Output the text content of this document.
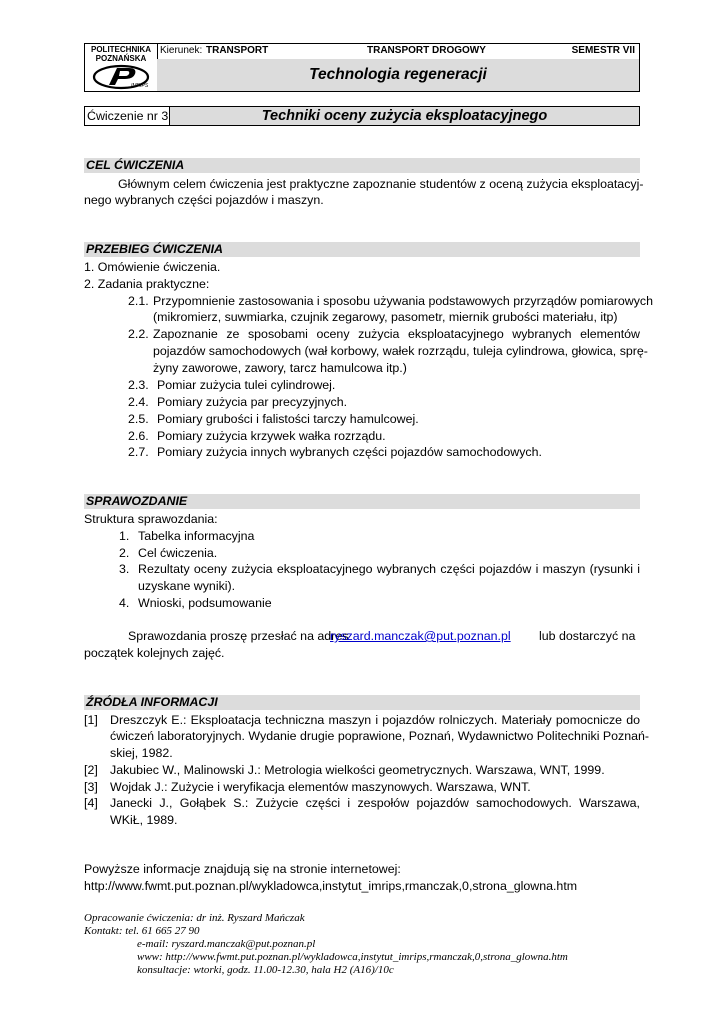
POLITECHNIKA
POZNAŃSKA
IMRIPS
Kierunek: TRANSPORT	TRANSPORT DROGOWY	SEMESTR VII
Technologia regeneracji
Ćwiczenie nr 3	Techniki oceny zużycia eksploatacyjnego
CEL ĆWICZENIA
Głównym celem ćwiczenia jest praktyczne zapoznanie studentów z oceną zużycia eksploatacyj-
nego wybranych części pojazdów i maszyn.
PRZEBIEG ĆWICZENIA
1. Omówienie ćwiczenia.
2. Zadania praktyczne:
2.1. Przypomnienie zastosowania i sposobu używania podstawowych przyrządów pomiarowych
(mikromierz, suwmiarka, czujnik zegarowy, pasometr, miernik grubości materiału, itp)
2.2. Zapoznanie ze sposobami oceny zużycia eksploatacyjnego wybranych elementów
pojazdów samochodowych (wał korbowy, wałek rozrządu, tuleja cylindrowa, głowica, sprę-
żyny zaworowe, zawory, tarcz hamulcowa itp.)
2.3. Pomiar zużycia tulei cylindrowej.
2.4. Pomiary zużycia par precyzyjnych.
2.5. Pomiary grubości i falistości tarczy hamulcowej.
2.6. Pomiary zużycia krzywek wałka rozrządu.
2.7. Pomiary zużycia innych wybranych części pojazdów samochodowych.
SPRAWOZDANIE
Struktura sprawozdania:
1. Tabelka informacyjna
2. Cel ćwiczenia.
3. Rezultaty oceny zużycia eksploatacyjnego wybranych części pojazdów i maszyn (rysunki i
uzyskane wyniki).
4. Wnioski, podsumowanie
Sprawozdania proszę przesłać na adres
ryszard.manczak@put.poznan.pl lub dostarczyć na
początek kolejnych zajęć.
ŹRÓDŁA INFORMACJI
[1] Dreszczyk E.: Eksploatacja techniczna maszyn i pojazdów rolniczych. Materiały pomocnicze do
ćwiczeń laboratoryjnych. Wydanie drugie poprawione, Poznań, Wydawnictwo Politechniki Poznań-
skiej, 1982.
[2] Jakubiec W., Malinowski J.: Metrologia wielkości geometrycznych. Warszawa, WNT, 1999.
[3] Wojdak J.: Zużycie i weryfikacja elementów maszynowych. Warszawa, WNT.
[4] Janecki J., Gołąbek S.: Zużycie części i zespołów pojazdów samochodowych. Warszawa,
WKiŁ, 1989.
Powyższe informacje znajdują się na stronie internetowej:
http://www.fwmt.put.poznan.pl/wykladowca,instytut_imrips,rmanczak,0,strona_glowna.htm
Opracowanie ćwiczenia: dr inż. Ryszard Mańczak
Kontakt: tel. 61 665 27 90
e-mail: ryszard.manczak@put.poznan.pl
www: http://www.fwmt.put.poznan.pl/wykladowca,instytut_imrips,rmanczak,0,strona_glowna.htm
konsultacje: wtorki, godz. 11.00-12.30, hala H2 (A16)/10c
